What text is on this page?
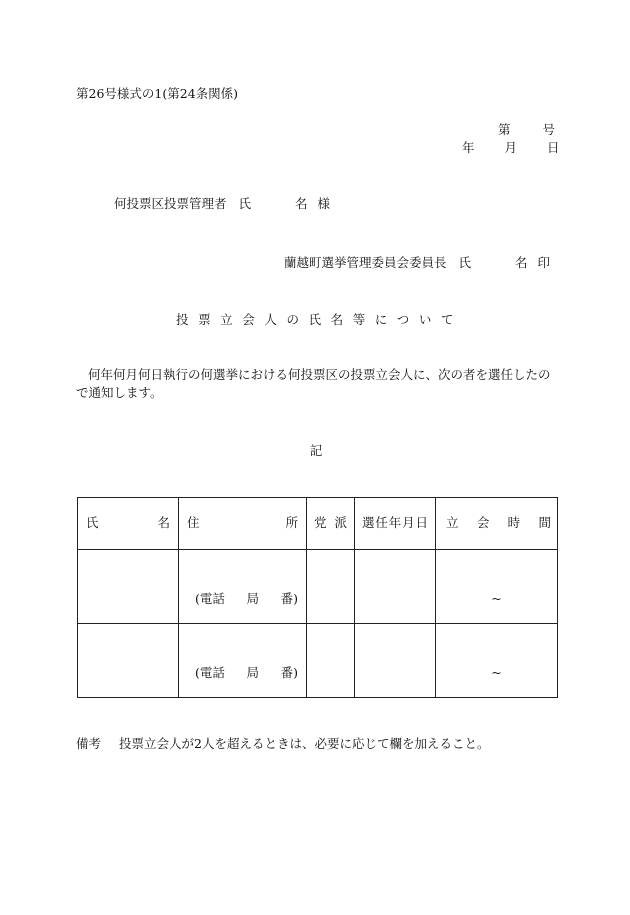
第26号様式の1(第24条関係)
第	号
年 月 日
何投票区投票管理者 氏	名 様
蘭越町選挙管理委員会委員長 氏	名 印
投票立会人の氏名等について
何年何月何日執行の何選挙における何投票区の投票立会人に、次の者を選任したので通知します。
記
氏 名	住 所	党 派	選 任 年 月 日	立 会 時 間

	(電話 局 番)			~

	(電話 局 番)			~
備考 投票立会人が2人を超えるときは、必要に応じて欄を加えること。
